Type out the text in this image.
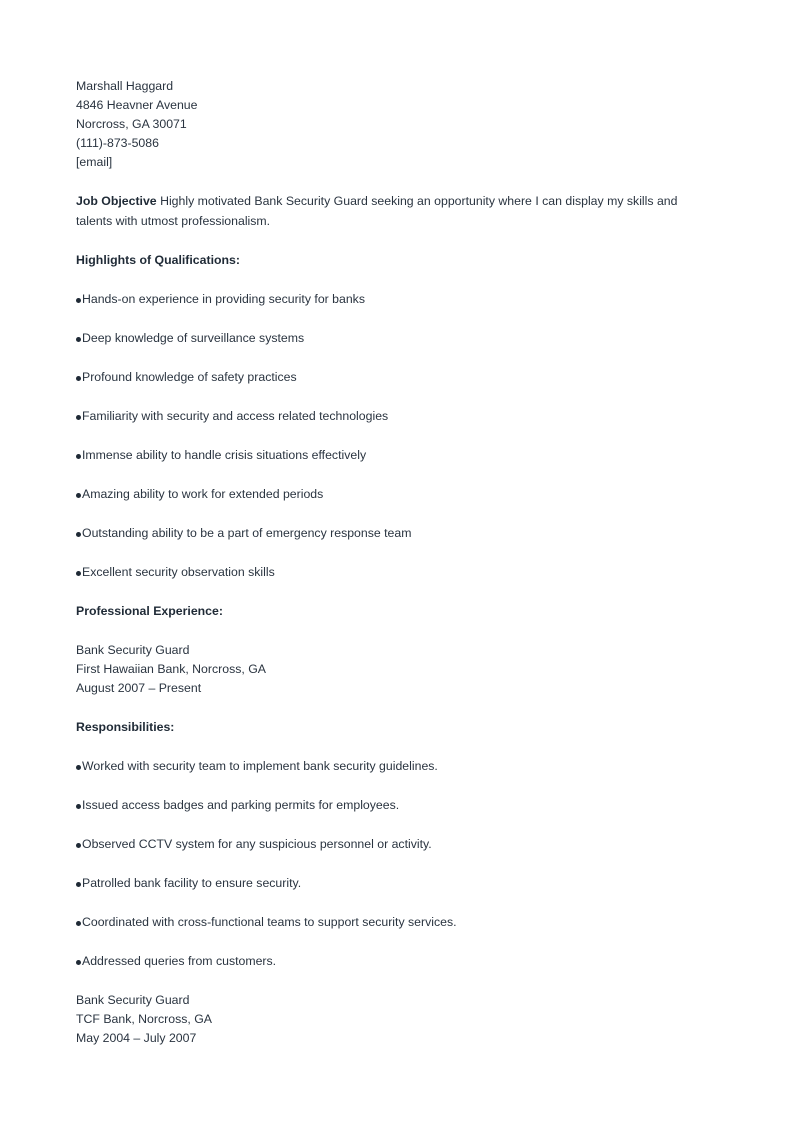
Marshall Haggard
4846 Heavner Avenue
Norcross, GA 30071
(111)-873-5086
[email]
Job Objective Highly motivated Bank Security Guard seeking an opportunity where I can display my skills and talents with utmost professionalism.
Highlights of Qualifications:
Hands-on experience in providing security for banks
Deep knowledge of surveillance systems
Profound knowledge of safety practices
Familiarity with security and access related technologies
Immense ability to handle crisis situations effectively
Amazing ability to work for extended periods
Outstanding ability to be a part of emergency response team
Excellent security observation skills
Professional Experience:
Bank Security Guard
First Hawaiian Bank, Norcross, GA
August 2007 – Present
Responsibilities:
Worked with security team to implement bank security guidelines.
Issued access badges and parking permits for employees.
Observed CCTV system for any suspicious personnel or activity.
Patrolled bank facility to ensure security.
Coordinated with cross-functional teams to support security services.
Addressed queries from customers.
Bank Security Guard
TCF Bank, Norcross, GA
May 2004 – July 2007
